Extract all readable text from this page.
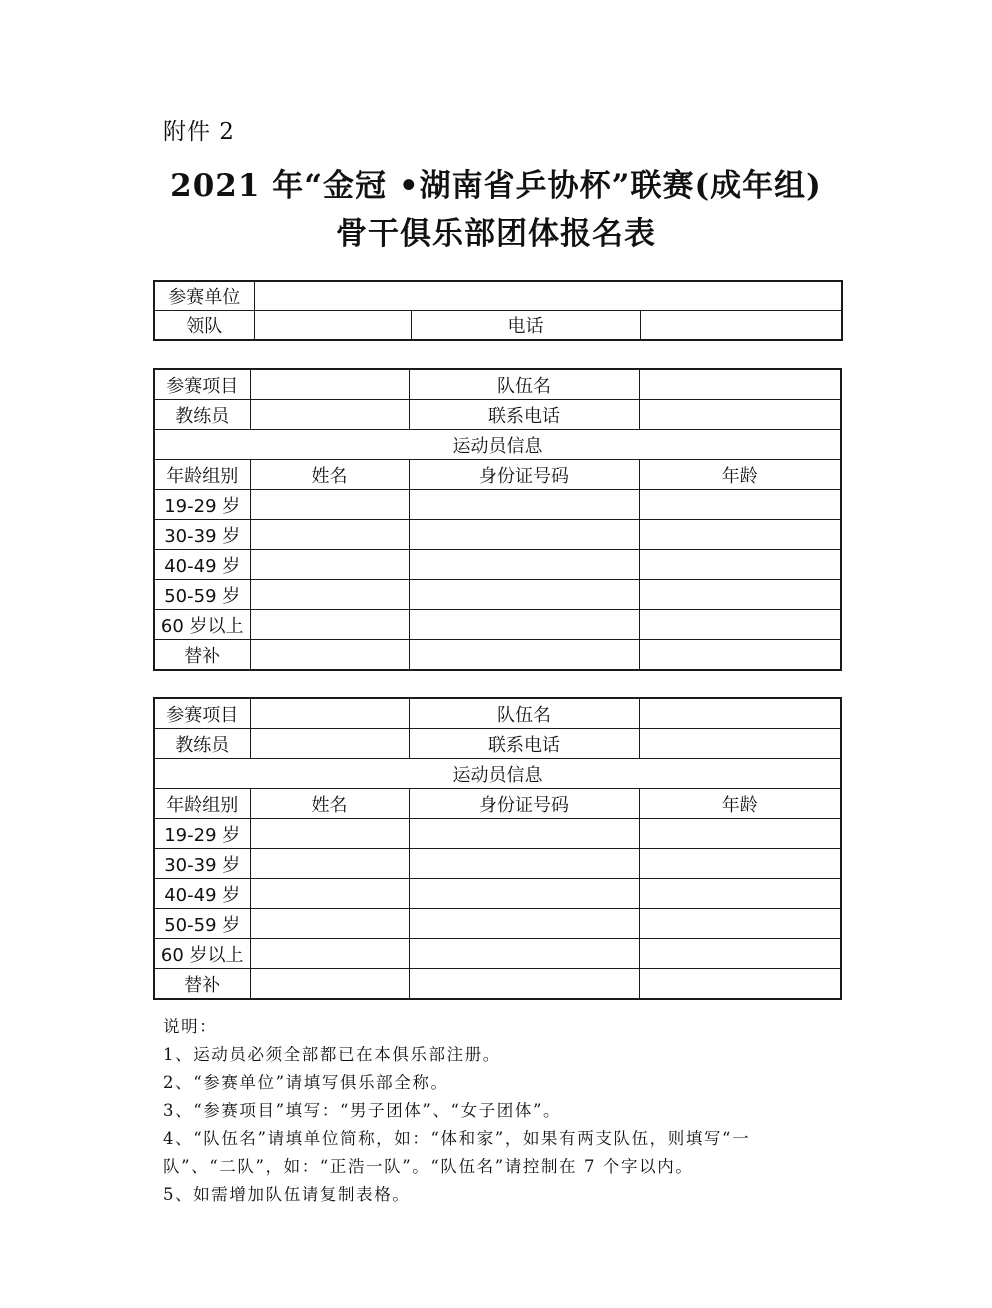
附件 2
2021 年“金冠 •湖南省乒协杯”联赛(成年组)
骨干俱乐部团体报名表
参赛单位			
领队		电话	
参赛项目		队伍名	
教练员		联系电话	
运动员信息			
年龄组别	姓名	身份证号码	年龄
19-29 岁			
30-39 岁			
40-49 岁			
50-59 岁			
60 岁以上			
替补			
参赛项目		队伍名	
教练员		联系电话	
运动员信息			
年龄组别	姓名	身份证号码	年龄
19-29 岁			
30-39 岁			
40-49 岁			
50-59 岁			
60 岁以上			
替补			
说明：
1、运动员必须全部都已在本俱乐部注册。
2、“参赛单位”请填写俱乐部全称。
3、“参赛项目”填写：“男子团体”、“女子团体”。
4、“队伍名”请填单位简称，如：“体和家”，如果有两支队伍，则填写“一
队”、“二队”，如：“正浩一队”。“队伍名”请控制在 7 个字以内。
5、如需增加队伍请复制表格。
